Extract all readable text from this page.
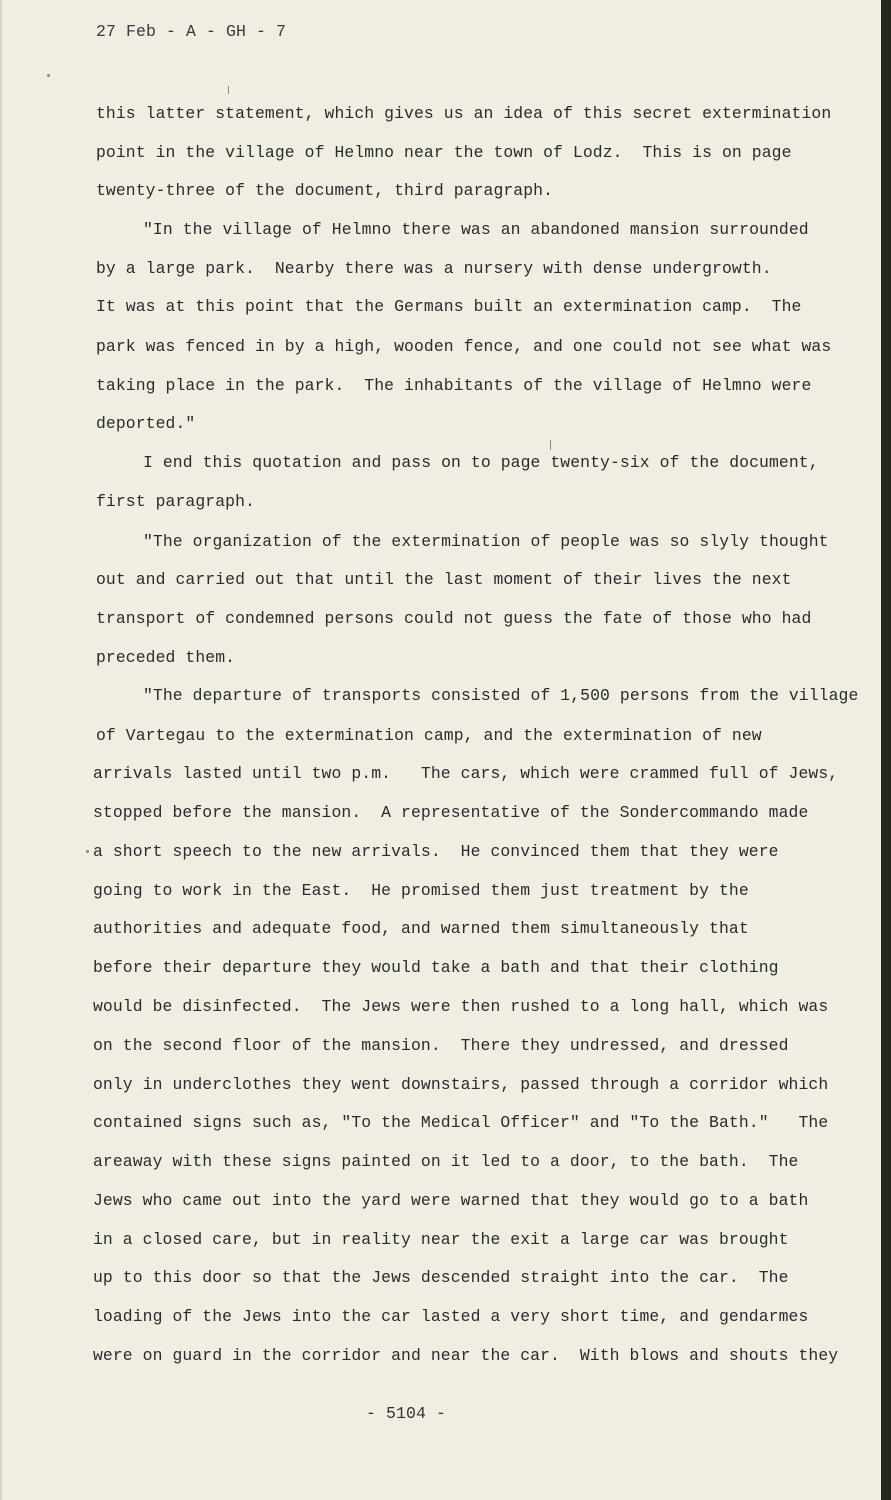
27 Feb - A - GH - 7
this latter statement, which gives us an idea of this secret extermination
point in the village of Helmno near the town of Lodz.  This is on page
twenty-three of the document, third paragraph.
"In the village of Helmno there was an abandoned mansion surrounded
by a large park.  Nearby there was a nursery with dense undergrowth.
It was at this point that the Germans built an extermination camp.  The
park was fenced in by a high, wooden fence, and one could not see what was
taking place in the park.  The inhabitants of the village of Helmno were
deported."
I end this quotation and pass on to page twenty-six of the document,
first paragraph.
"The organization of the extermination of people was so slyly thought
out and carried out that until the last moment of their lives the next
transport of condemned persons could not guess the fate of those who had
preceded them.
"The departure of transports consisted of 1,500 persons from the village
of Vartegau to the extermination camp, and the extermination of new
arrivals lasted until two p.m.   The cars, which were crammed full of Jews,
stopped before the mansion.  A representative of the Sondercommando made
a short speech to the new arrivals.  He convinced them that they were
going to work in the East.  He promised them just treatment by the
authorities and adequate food, and warned them simultaneously that
before their departure they would take a bath and that their clothing
would be disinfected.  The Jews were then rushed to a long hall, which was
on the second floor of the mansion.  There they undressed, and dressed
only in underclothes they went downstairs, passed through a corridor which
contained signs such as, "To the Medical Officer" and "To the Bath."   The
areaway with these signs painted on it led to a door, to the bath.  The
Jews who came out into the yard were warned that they would go to a bath
in a closed care, but in reality near the exit a large car was brought
up to this door so that the Jews descended straight into the car.  The
loading of the Jews into the car lasted a very short time, and gendarmes
were on guard in the corridor and near the car.  With blows and shouts they
- 5104 -
